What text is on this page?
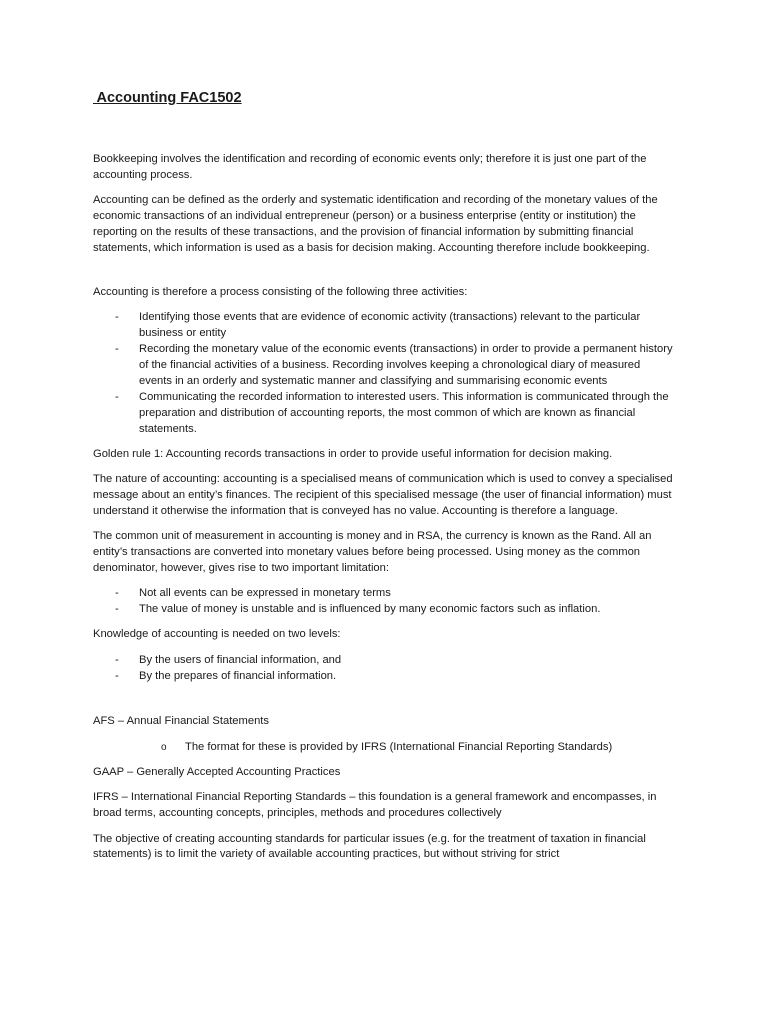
Accounting FAC1502

Bookkeeping involves the identification and recording of economic events only; therefore it is just one part of the accounting process.

Accounting can be defined as the orderly and systematic identification and recording of the monetary values of the economic transactions of an individual entrepreneur (person) or a business enterprise (entity or institution) the reporting on the results of these transactions, and the provision of financial information by submitting financial statements, which information is used as a basis for decision making. Accounting therefore include bookkeeping.

Accounting is therefore a process consisting of the following three activities:

-	Identifying those events that are evidence of economic activity (transactions) relevant to the particular business or entity
-	Recording the monetary value of the economic events (transactions) in order to provide a permanent history of the financial activities of a business. Recording involves keeping a chronological diary of measured events in an orderly and systematic manner and classifying and summarising economic events
-	Communicating the recorded information to interested users. This information is communicated through the preparation and distribution of accounting reports, the most common of which are known as financial statements.

Golden rule 1: Accounting records transactions in order to provide useful information for decision making.

The nature of accounting: accounting is a specialised means of communication which is used to convey a specialised message about an entity’s finances. The recipient of this specialised message (the user of financial information) must understand it otherwise the information that is conveyed has no value. Accounting is therefore a language.

The common unit of measurement in accounting is money and in RSA, the currency is known as the Rand. All an entity’s transactions are converted into monetary values before being processed. Using money as the common denominator, however, gives rise to two important limitation:

-	Not all events can be expressed in monetary terms
-	The value of money is unstable and is influenced by many economic factors such as inflation.

Knowledge of accounting is needed on two levels:

-	By the users of financial information, and
-	By the prepares of financial information.

AFS – Annual Financial Statements

o The format for these is provided by IFRS (International Financial Reporting Standards)

GAAP – Generally Accepted Accounting Practices

IFRS – International Financial Reporting Standards – this foundation is a general framework and encompasses, in broad terms, accounting concepts, principles, methods and procedures collectively

The objective of creating accounting standards for particular issues (e.g. for the treatment of taxation in financial statements) is to limit the variety of available accounting practices, but without striving for strict
